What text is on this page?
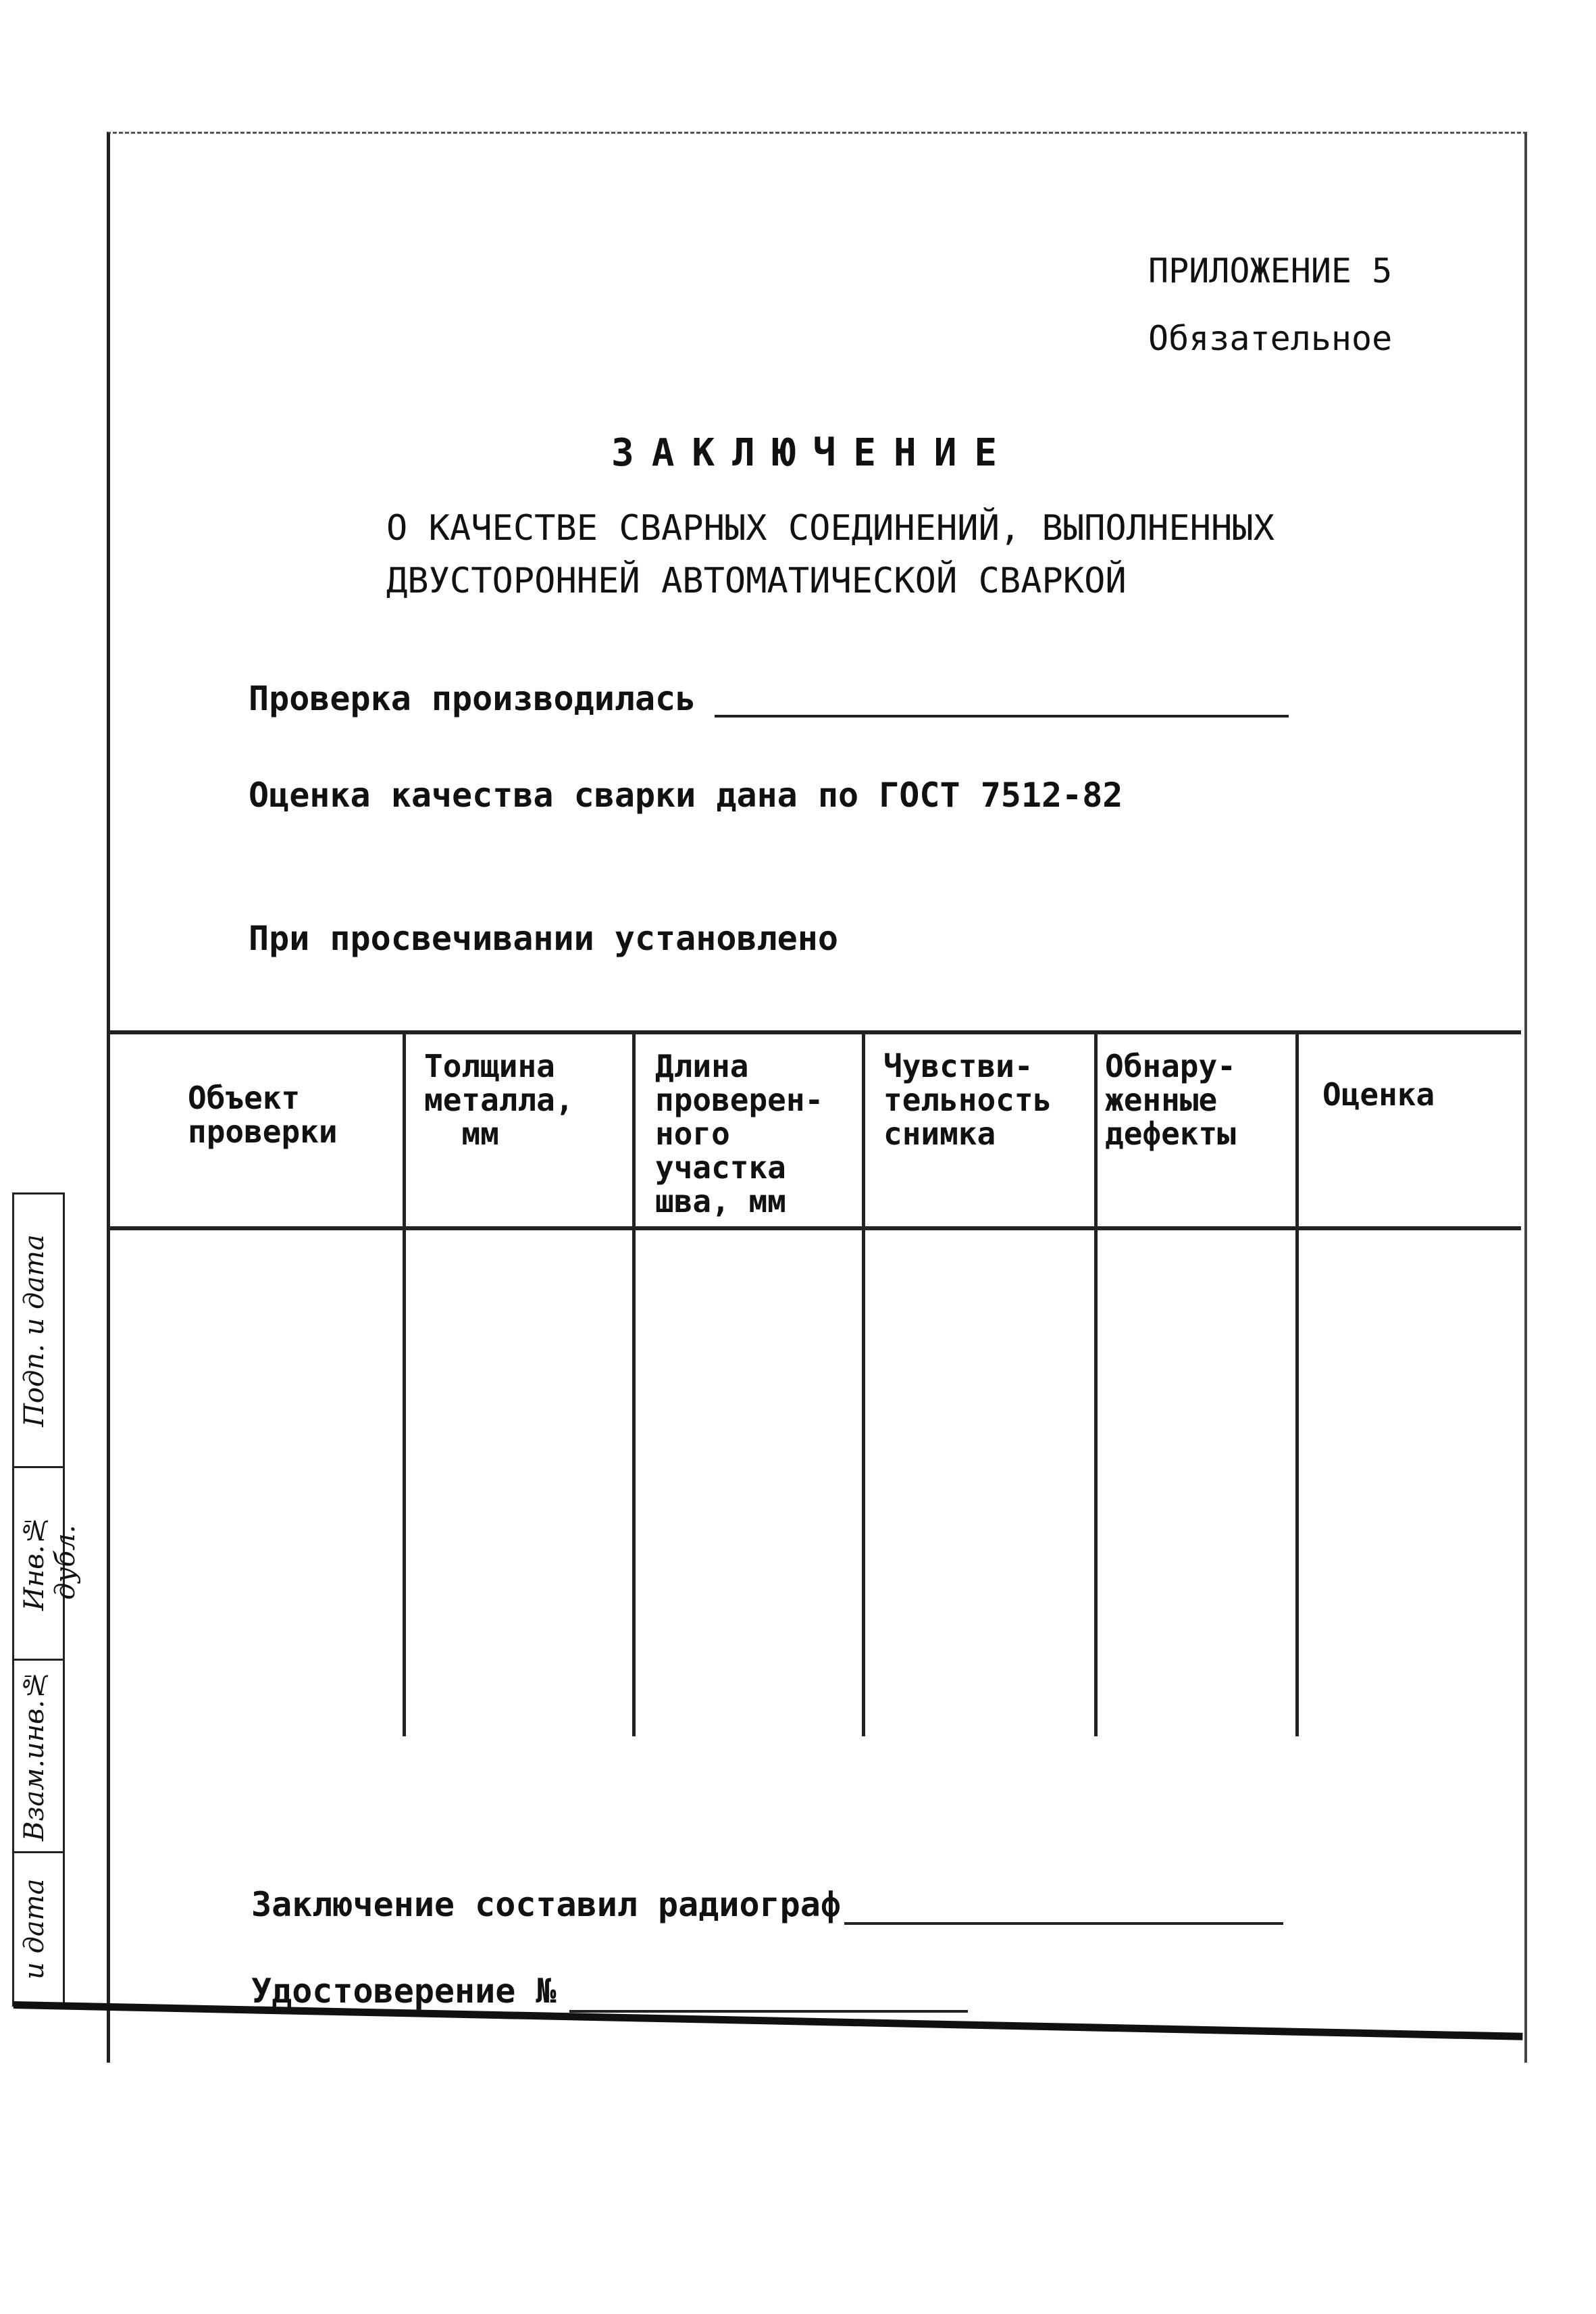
ПРИЛОЖЕНИЕ 5
Обязательное
ЗАКЛЮЧЕНИЕ
О КАЧЕСТВЕ СВАРНЫХ СОЕДИНЕНИЙ, ВЫПОЛНЕННЫХ
ДВУСТОРОННЕЙ АВТОМАТИЧЕСКОЙ СВАРКОЙ
Проверка производилась
Оценка качества сварки дана по ГОСТ 7512-82
При просвечивании установлено
Объект
проверки
Толщина
металла,
мм
Длина
проверен-
ного
участка
шва, мм
Чувстви-
тельность
снимка
Обнару-
женные
дефекты
Оценка
Подп. и дата
Инв.№ дубл.
Взам.инв.№
и дата	Заключение составил радиограф
Удостоверение №
